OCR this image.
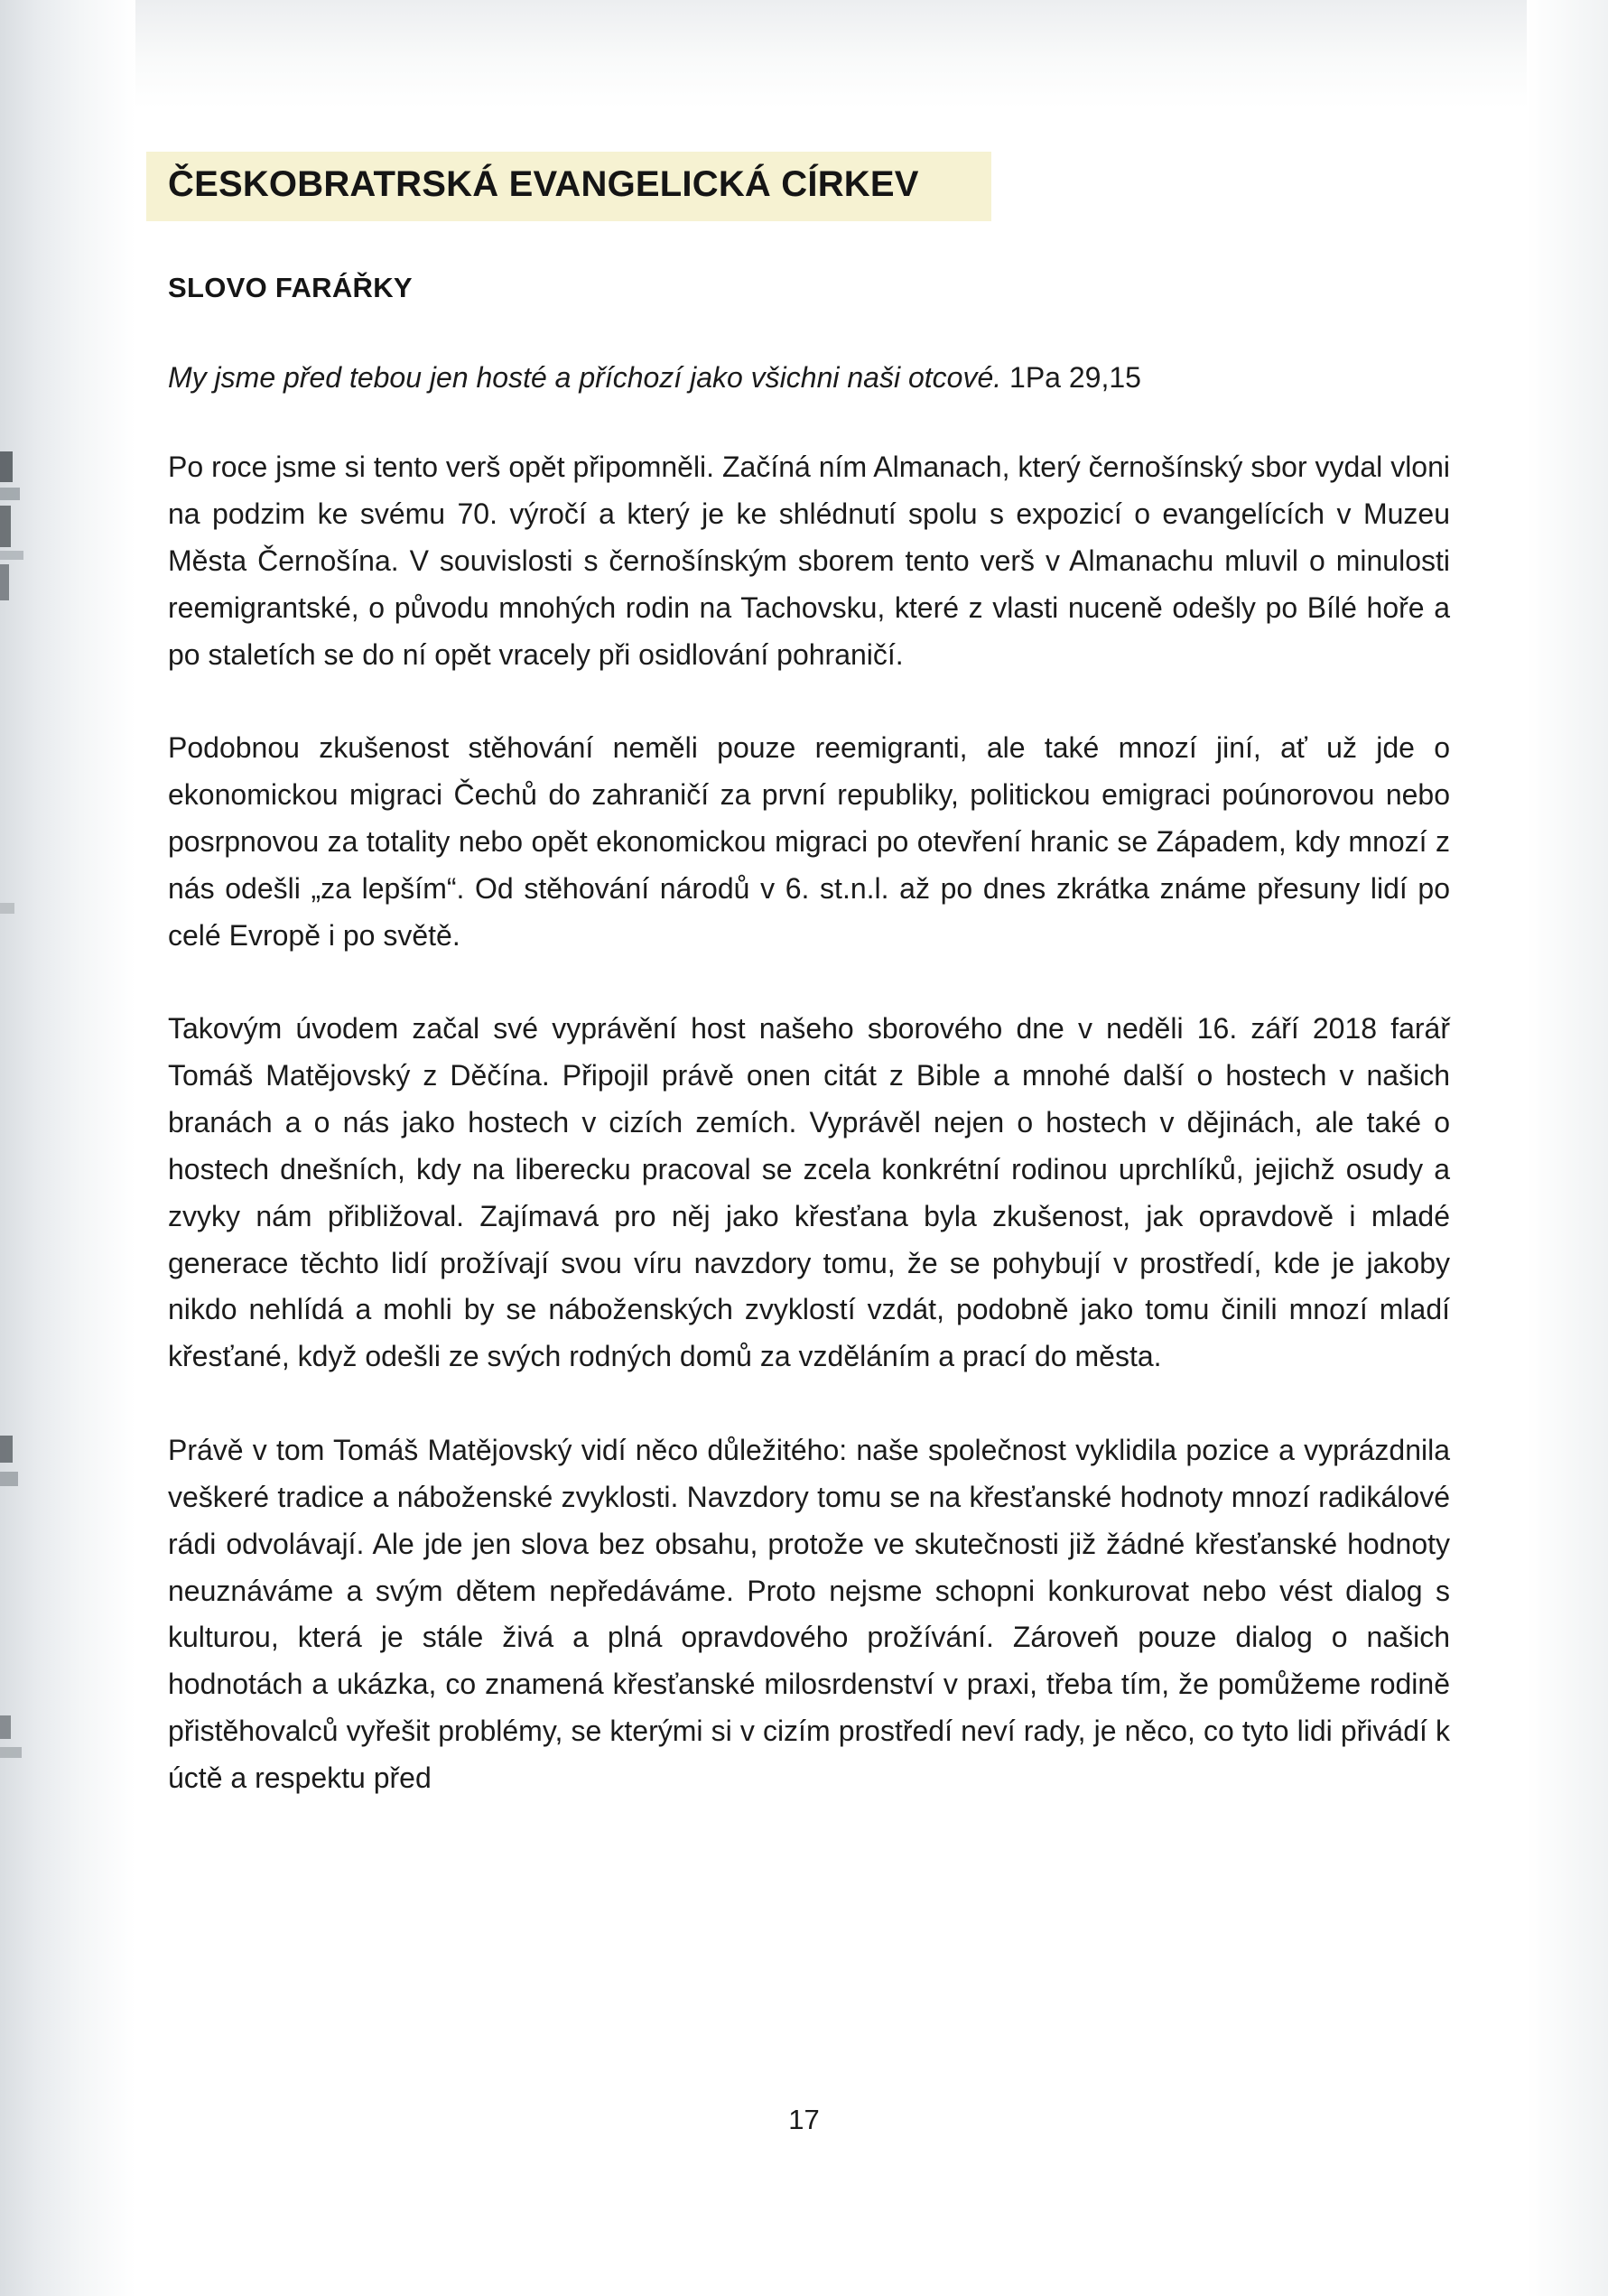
ČESKOBRATRSKÁ EVANGELICKÁ CÍRKEV
SLOVO FARÁŘKY

My jsme před tebou jen hosté a příchozí jako všichni naši otcové. 1Pa 29,15

Po roce jsme si tento verš opět připomněli. Začíná ním Almanach, který černošínský sbor vydal vloni na podzim ke svému 70. výročí a který je ke shlédnutí spolu s expozicí o evangelících v Muzeu Města Černošína. V souvislosti s černošínským sborem tento verš v Almanachu mluvil o minulosti reemigrantské, o původu mnohých rodin na Tachovsku, které z vlasti nuceně odešly po Bílé hoře a po staletích se do ní opět vracely při osidlování pohraničí.

Podobnou zkušenost stěhování neměli pouze reemigranti, ale také mnozí jiní, ať už jde o ekonomickou migraci Čechů do zahraničí za první republiky, politickou emigraci poúnorovou nebo posrpnovou za totality nebo opět ekonomickou migraci po otevření hranic se Západem, kdy mnozí z nás odešli „za lepším“. Od stěhování národů v 6. st.n.l. až po dnes zkrátka známe přesuny lidí po celé Evropě i po světě.

Takovým úvodem začal své vyprávění host našeho sborového dne v neděli 16. září 2018 farář Tomáš Matějovský z Děčína. Připojil právě onen citát z Bible a mnohé další o hostech v našich branách a o nás jako hostech v cizích zemích. Vyprávěl nejen o hostech v dějinách, ale také o hostech dnešních, kdy na liberecku pracoval se zcela konkrétní rodinou uprchlíků, jejichž osudy a zvyky nám přibližoval. Zajímavá pro něj jako křesťana byla zkušenost, jak opravdově i mladé generace těchto lidí prožívají svou víru navzdory tomu, že se pohybují v prostředí, kde je jakoby nikdo nehlídá a mohli by se náboženských zvyklostí vzdát, podobně jako tomu činili mnozí mladí křesťané, když odešli ze svých rodných domů za vzděláním a prací do města.

Právě v tom Tomáš Matějovský vidí něco důležitého: naše společnost vyklidila pozice a vyprázdnila veškeré tradice a náboženské zvyklosti. Navzdory tomu se na křesťanské hodnoty mnozí radikálové rádi odvolávají. Ale jde jen slova bez obsahu, protože ve skutečnosti již žádné křesťanské hodnoty neuznáváme a svým dětem nepředáváme. Proto nejsme schopni konkurovat nebo vést dialog s kulturou, která je stále živá a plná opravdového prožívání. Zároveň pouze dialog o našich hodnotách a ukázka, co znamená křesťanské milosrdenství v praxi, třeba tím, že pomůžeme rodině přistěhovalců vyřešit problémy, se kterými si v cizím prostředí neví rady, je něco, co tyto lidi přivádí k úctě a respektu před

17
